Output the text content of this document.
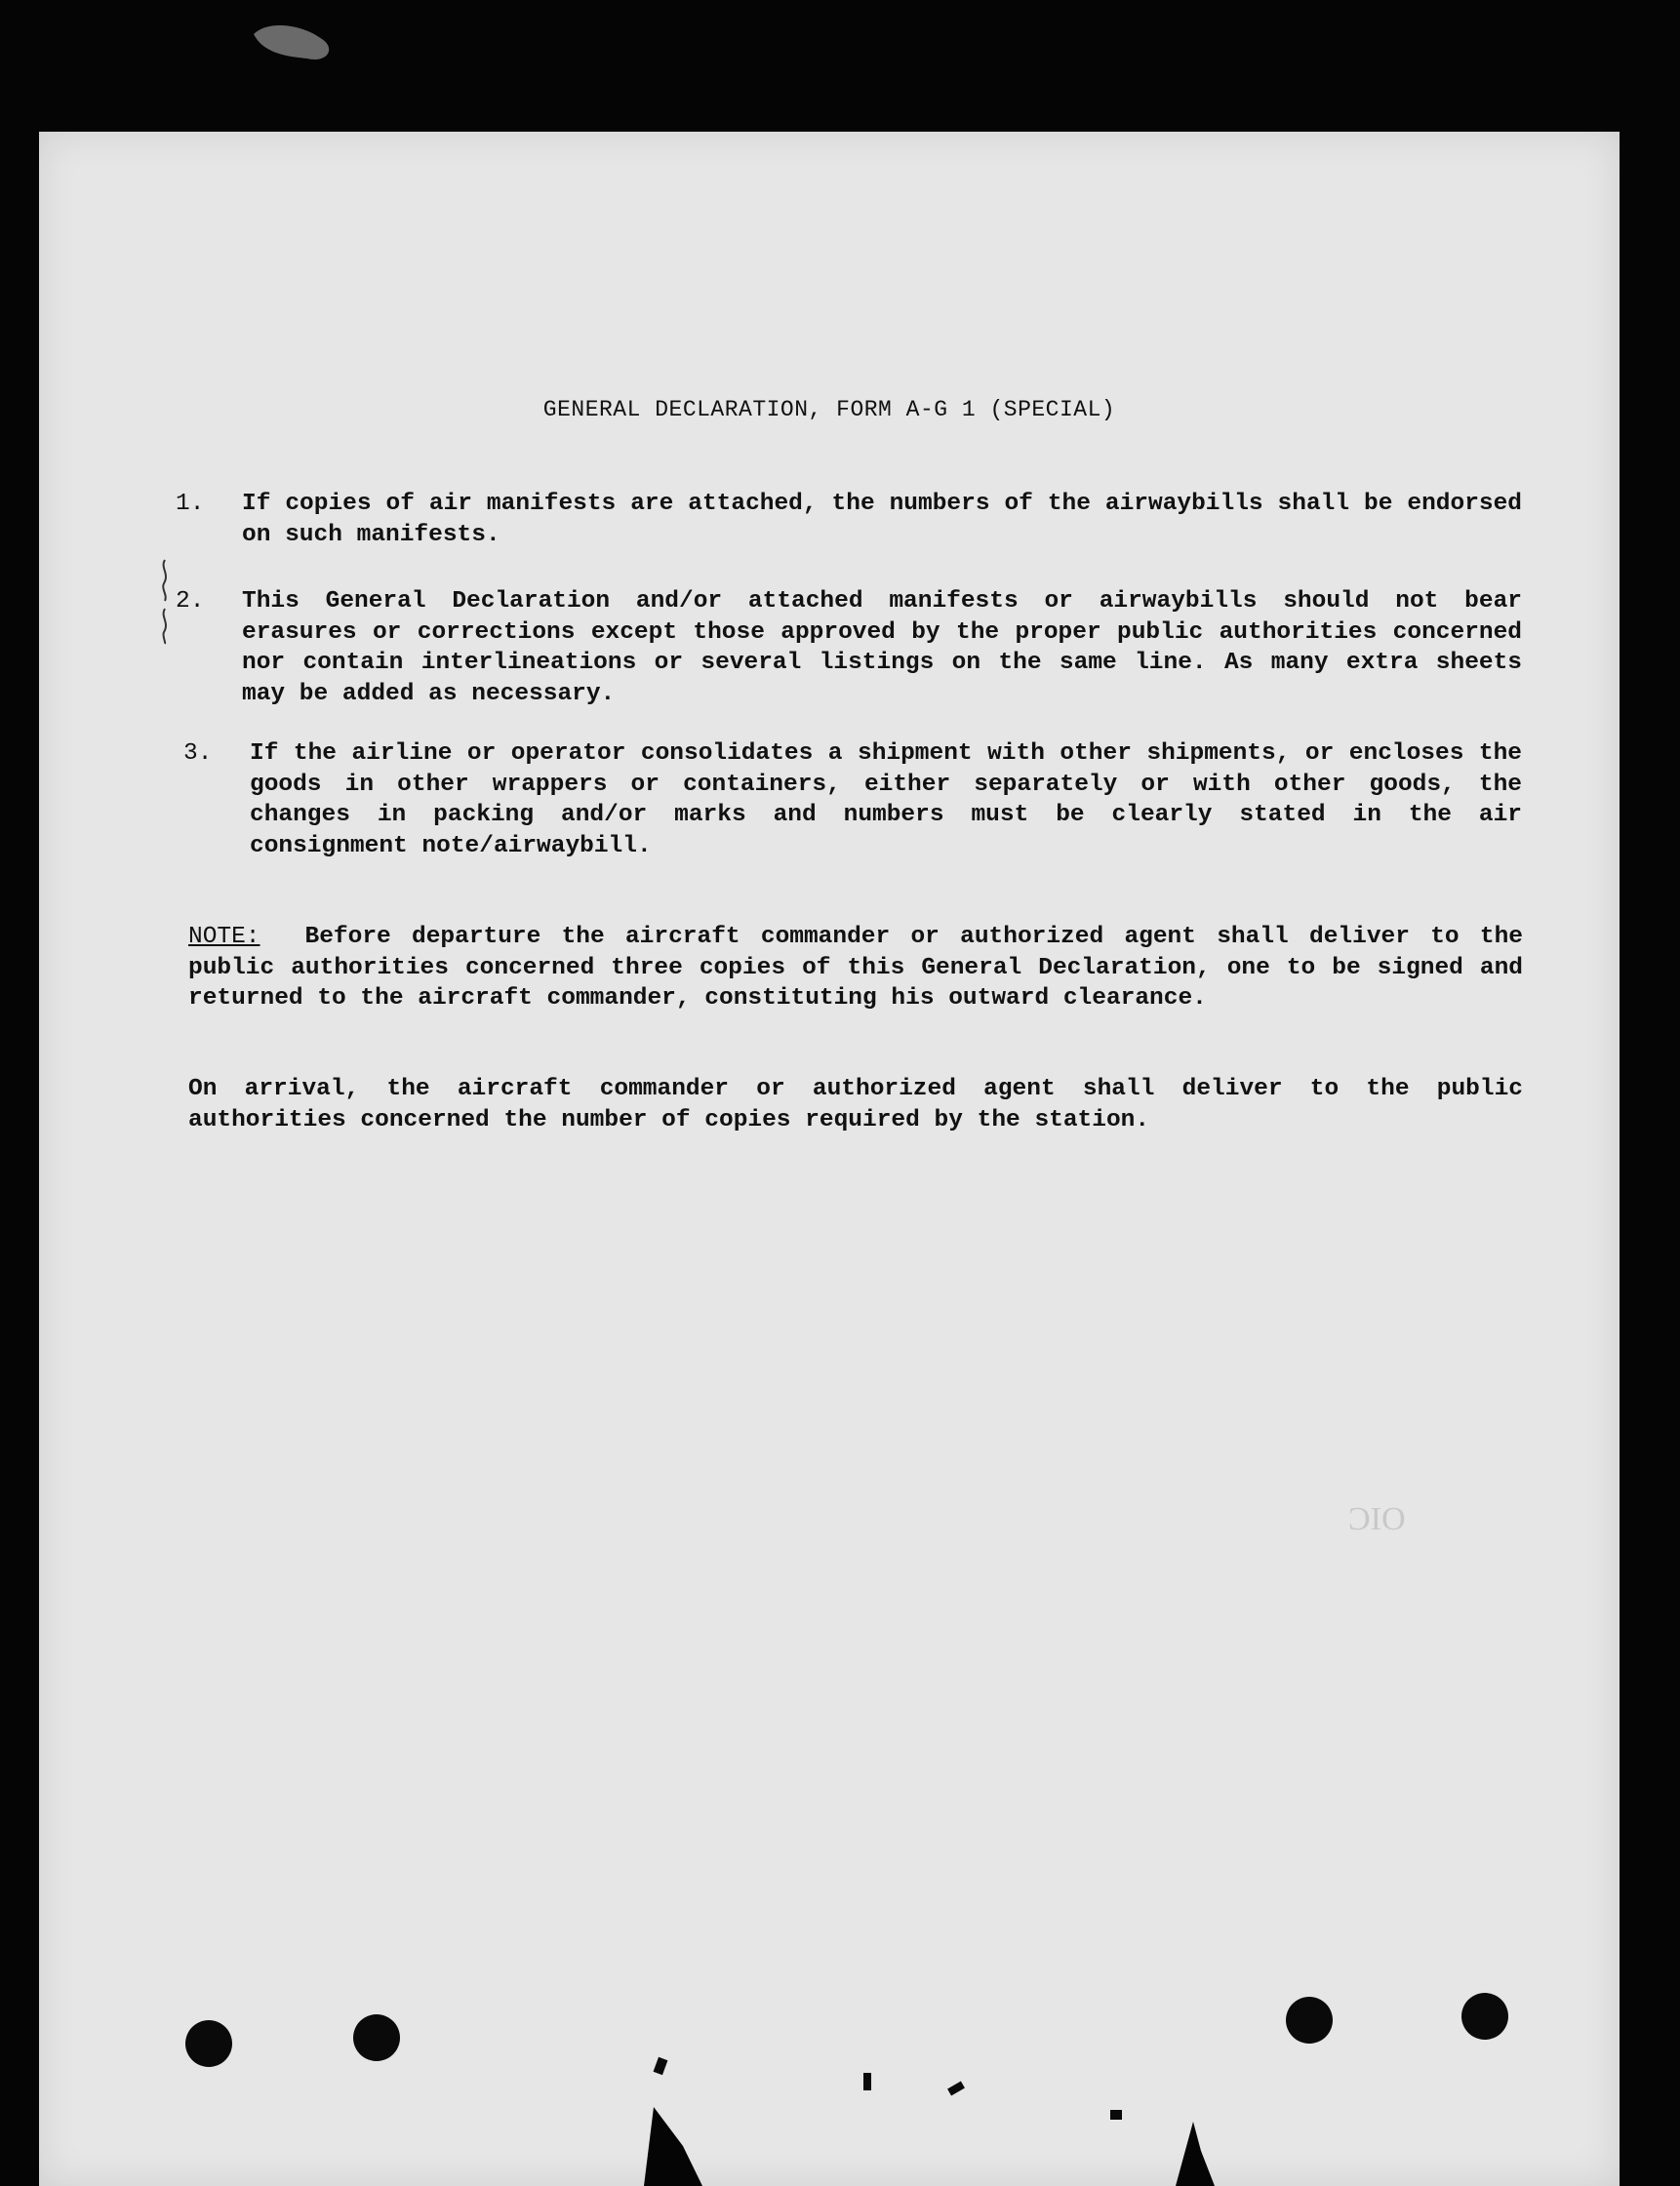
GENERAL DECLARATION, FORM A-G 1 (SPECIAL)
1.	If copies of air manifests are attached, the numbers of the airwaybills shall be endorsed on such manifests.
2.	This General Declaration and/or attached manifests or airwaybills should not bear erasures or corrections except those approved by the proper public authorities concerned nor contain interlineations or several listings on the same line. As many extra sheets may be added as necessary.
3.	If the airline or operator consolidates a shipment with other shipments, or encloses the goods in other wrappers or containers, either separately or with other goods, the changes in packing and/or marks and numbers must be clearly stated in the air consignment note/airwaybill.
NOTE: Before departure the aircraft commander or authorized agent shall deliver to the public authorities concerned three copies of this General Declaration, one to be signed and returned to the aircraft commander, constituting his outward clearance.
On arrival, the aircraft commander or authorized agent shall deliver to the public authorities concerned the number of copies required by the station.
OIC
